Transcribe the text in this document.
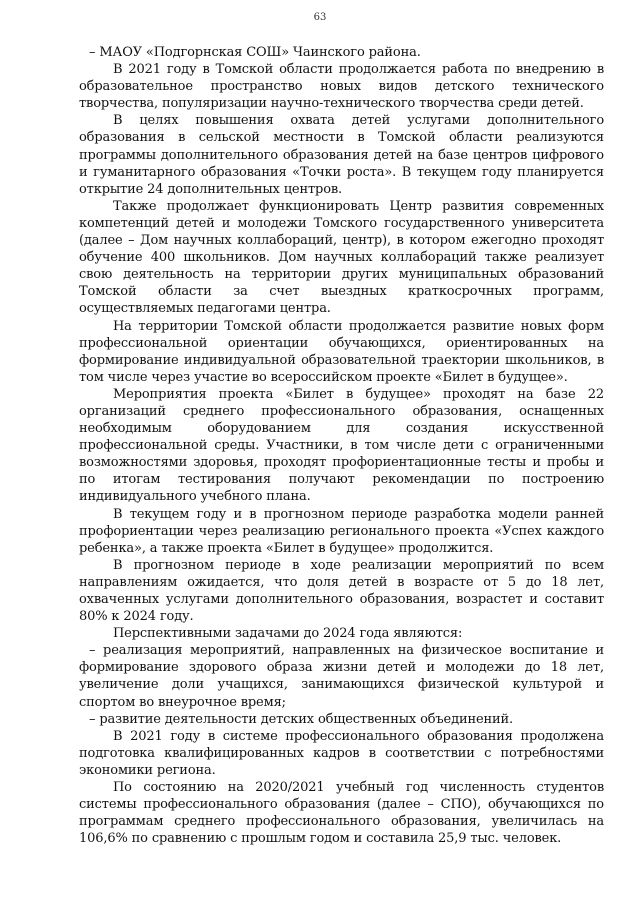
63

– МАОУ «Подгорнская СОШ» Чаинского района.

В 2021 году в Томской области продолжается работа по внедрению в образовательное пространство новых видов детского технического творчества, популяризации научно-технического творчества среди детей.

В целях повышения охвата детей услугами дополнительного образования в сельской местности в Томской области реализуются программы дополнительного образования детей на базе центров цифрового и гуманитарного образования «Точки роста». В текущем году планируется открытие 24 дополнительных центров.

Также продолжает функционировать Центр развития современных компетенций детей и молодежи Томского государственного университета (далее – Дом научных коллабораций, центр), в котором ежегодно проходят обучение 400 школьников. Дом научных коллабораций также реализует свою деятельность на территории других муниципальных образований Томской области за счет выездных краткосрочных программ, осуществляемых педагогами центра.

На территории Томской области продолжается развитие новых форм профессиональной ориентации обучающихся, ориентированных на формирование индивидуальной образовательной траектории школьников, в том числе через участие во всероссийском проекте «Билет в будущее».

Мероприятия проекта «Билет в будущее» проходят на базе 22 организаций среднего профессионального образования, оснащенных необходимым оборудованием для создания искусственной профессиональной среды. Участники, в том числе дети с ограниченными возможностями здоровья, проходят профориентационные тесты и пробы и по итогам тестирования получают рекомендации по построению индивидуального учебного плана.

В текущем году и в прогнозном периоде разработка модели ранней профориентации через реализацию регионального проекта «Успех каждого ребенка», а также проекта «Билет в будущее» продолжится.

В прогнозном периоде в ходе реализации мероприятий по всем направлениям ожидается, что доля детей в возрасте от 5 до 18 лет, охваченных услугами дополнительного образования, возрастет и составит 80% к 2024 году.

Перспективными задачами до 2024 года являются:

– реализация мероприятий, направленных на физическое воспитание и формирование здорового образа жизни детей и молодежи до 18 лет, увеличение доли учащихся, занимающихся физической культурой и спортом во внеурочное время;

– развитие деятельности детских общественных объединений.

В 2021 году в системе профессионального образования продолжена подготовка квалифицированных кадров в соответствии с потребностями экономики региона.

По состоянию на 2020/2021 учебный год численность студентов системы профессионального образования (далее – СПО), обучающихся по программам среднего профессионального образования, увеличилась на 106,6% по сравнению с прошлым годом и составила 25,9 тыс. человек.
